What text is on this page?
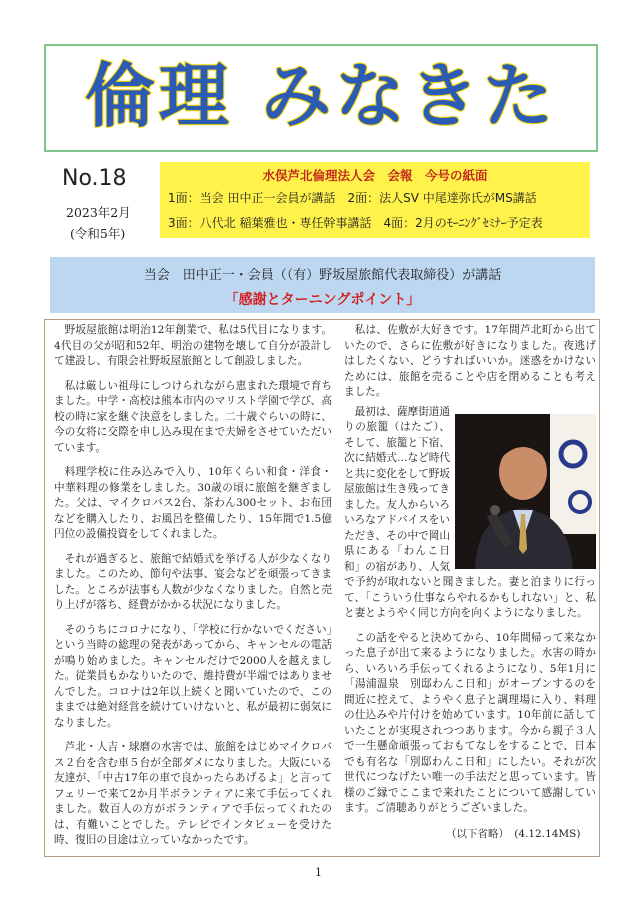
倫理 みなきた
No.18
2023年2月
(令和5年)
水俣芦北倫理法人会　会報　今号の紙面
1面：当会 田中正一会員が講話　2面：法人SV 中尾達弥氏がMS講話
3面：八代北 稲葉雅也・専任幹事講話　4面：2月のﾓｰﾆﾝｸﾞｾﾐﾅｰ予定表
当会　田中正一・会員（（有）野坂屋旅館代表取締役）が講話
「感謝とターニングポイント」

野坂屋旅館は明治12年創業で、私は5代目になります。4代目の父が昭和52年、明治の建物を壊して自分が設計して建設し、有限会社野坂屋旅館として創設しました。

私は厳しい祖母にしつけられながら恵まれた環境で育ちました。中学・高校は熊本市内のマリスト学園で学び、高校の時に家を継ぐ決意をしました。二十歳ぐらいの時に、今の女将に交際を申し込み現在まで夫婦をさせていただいています。

料理学校に住み込みで入り、10年くらい和食・洋食・中華料理の修業をしました。30歳の頃に旅館を継ぎました。父は、マイクロバス2台、茶わん300セット、お布団などを購入したり、お風呂を整備したり、15年間で1.5億円位の設備投資をしてくれました。

それが過ぎると、旅館で結婚式を挙げる人が少なくなりました。このため、節句や法事、宴会などを頑張ってきました。ところが法事も人数が少なくなりました。自然と売り上げが落ち、経費がかかる状況になりました。

そのうちにコロナになり、「学校に行かないでください」という当時の総理の発表があってから、キャンセルの電話が鳴り始めました。キャンセルだけで2000人を越えました。従業員もかなりいたので、維持費が半端ではありませんでした。コロナは2年以上続くと聞いていたので、このままでは絶対経営を続けていけないと、私が最初に弱気になりました。

芦北・人吉・球磨の水害では、旅館をはじめマイクロバス２台を含む車５台が全部ダメになりました。大阪にいる友達が、「中古17年の車で良かったらあげるよ」と言ってフェリーで来て2か月半ボランティアに来て手伝ってくれました。数百人の方がボランティアで手伝ってくれたのは、有難いことでした。テレビでインタビューを受けた時、復旧の目途は立っていなかったです。

私は、佐敷が大好きです。17年間芦北町から出ていたので、さらに佐敷が好きになりました。夜逃げはしたくない、どうすればいいか。迷惑をかけないためには、旅館を売ることや店を閉めることも考えました。

最初は、薩摩街道通りの旅籠（はたご）、そして、旅籠と下宿、次に結婚式…など時代と共に変化をして野坂屋旅館は生き残ってきました。友人からいろいろなアドバイスをいただき、その中で岡山県にある「わんこ日和」の宿があり、人気で予約が取れないと聞きました。妻と泊まりに行って、「こういう仕事ならやれるかもしれない」と、私と妻とようやく同じ方向を向くようになりました。

この話をやると決めてから、10年間帰って来なかった息子が出て来るようになりました。水害の時から、いろいろ手伝ってくれるようになり、5年1月に「湯浦温泉　別邸わんこ日和」がオープンするのを間近に控えて、ようやく息子と調理場に入り、料理の仕込みや片付けを始めています。10年前に話していたことが実現されつつあります。今から親子３人で一生懸命頑張っておもてなしをすることで、日本でも有名な「別邸わんこ日和」にしたい。それが次世代につなげたい唯一の手法だと思っています。皆様のご縁でここまで来れたことについて感謝しています。ご清聴ありがとうございました。

（以下省略）　(4.12.14MS)
1
